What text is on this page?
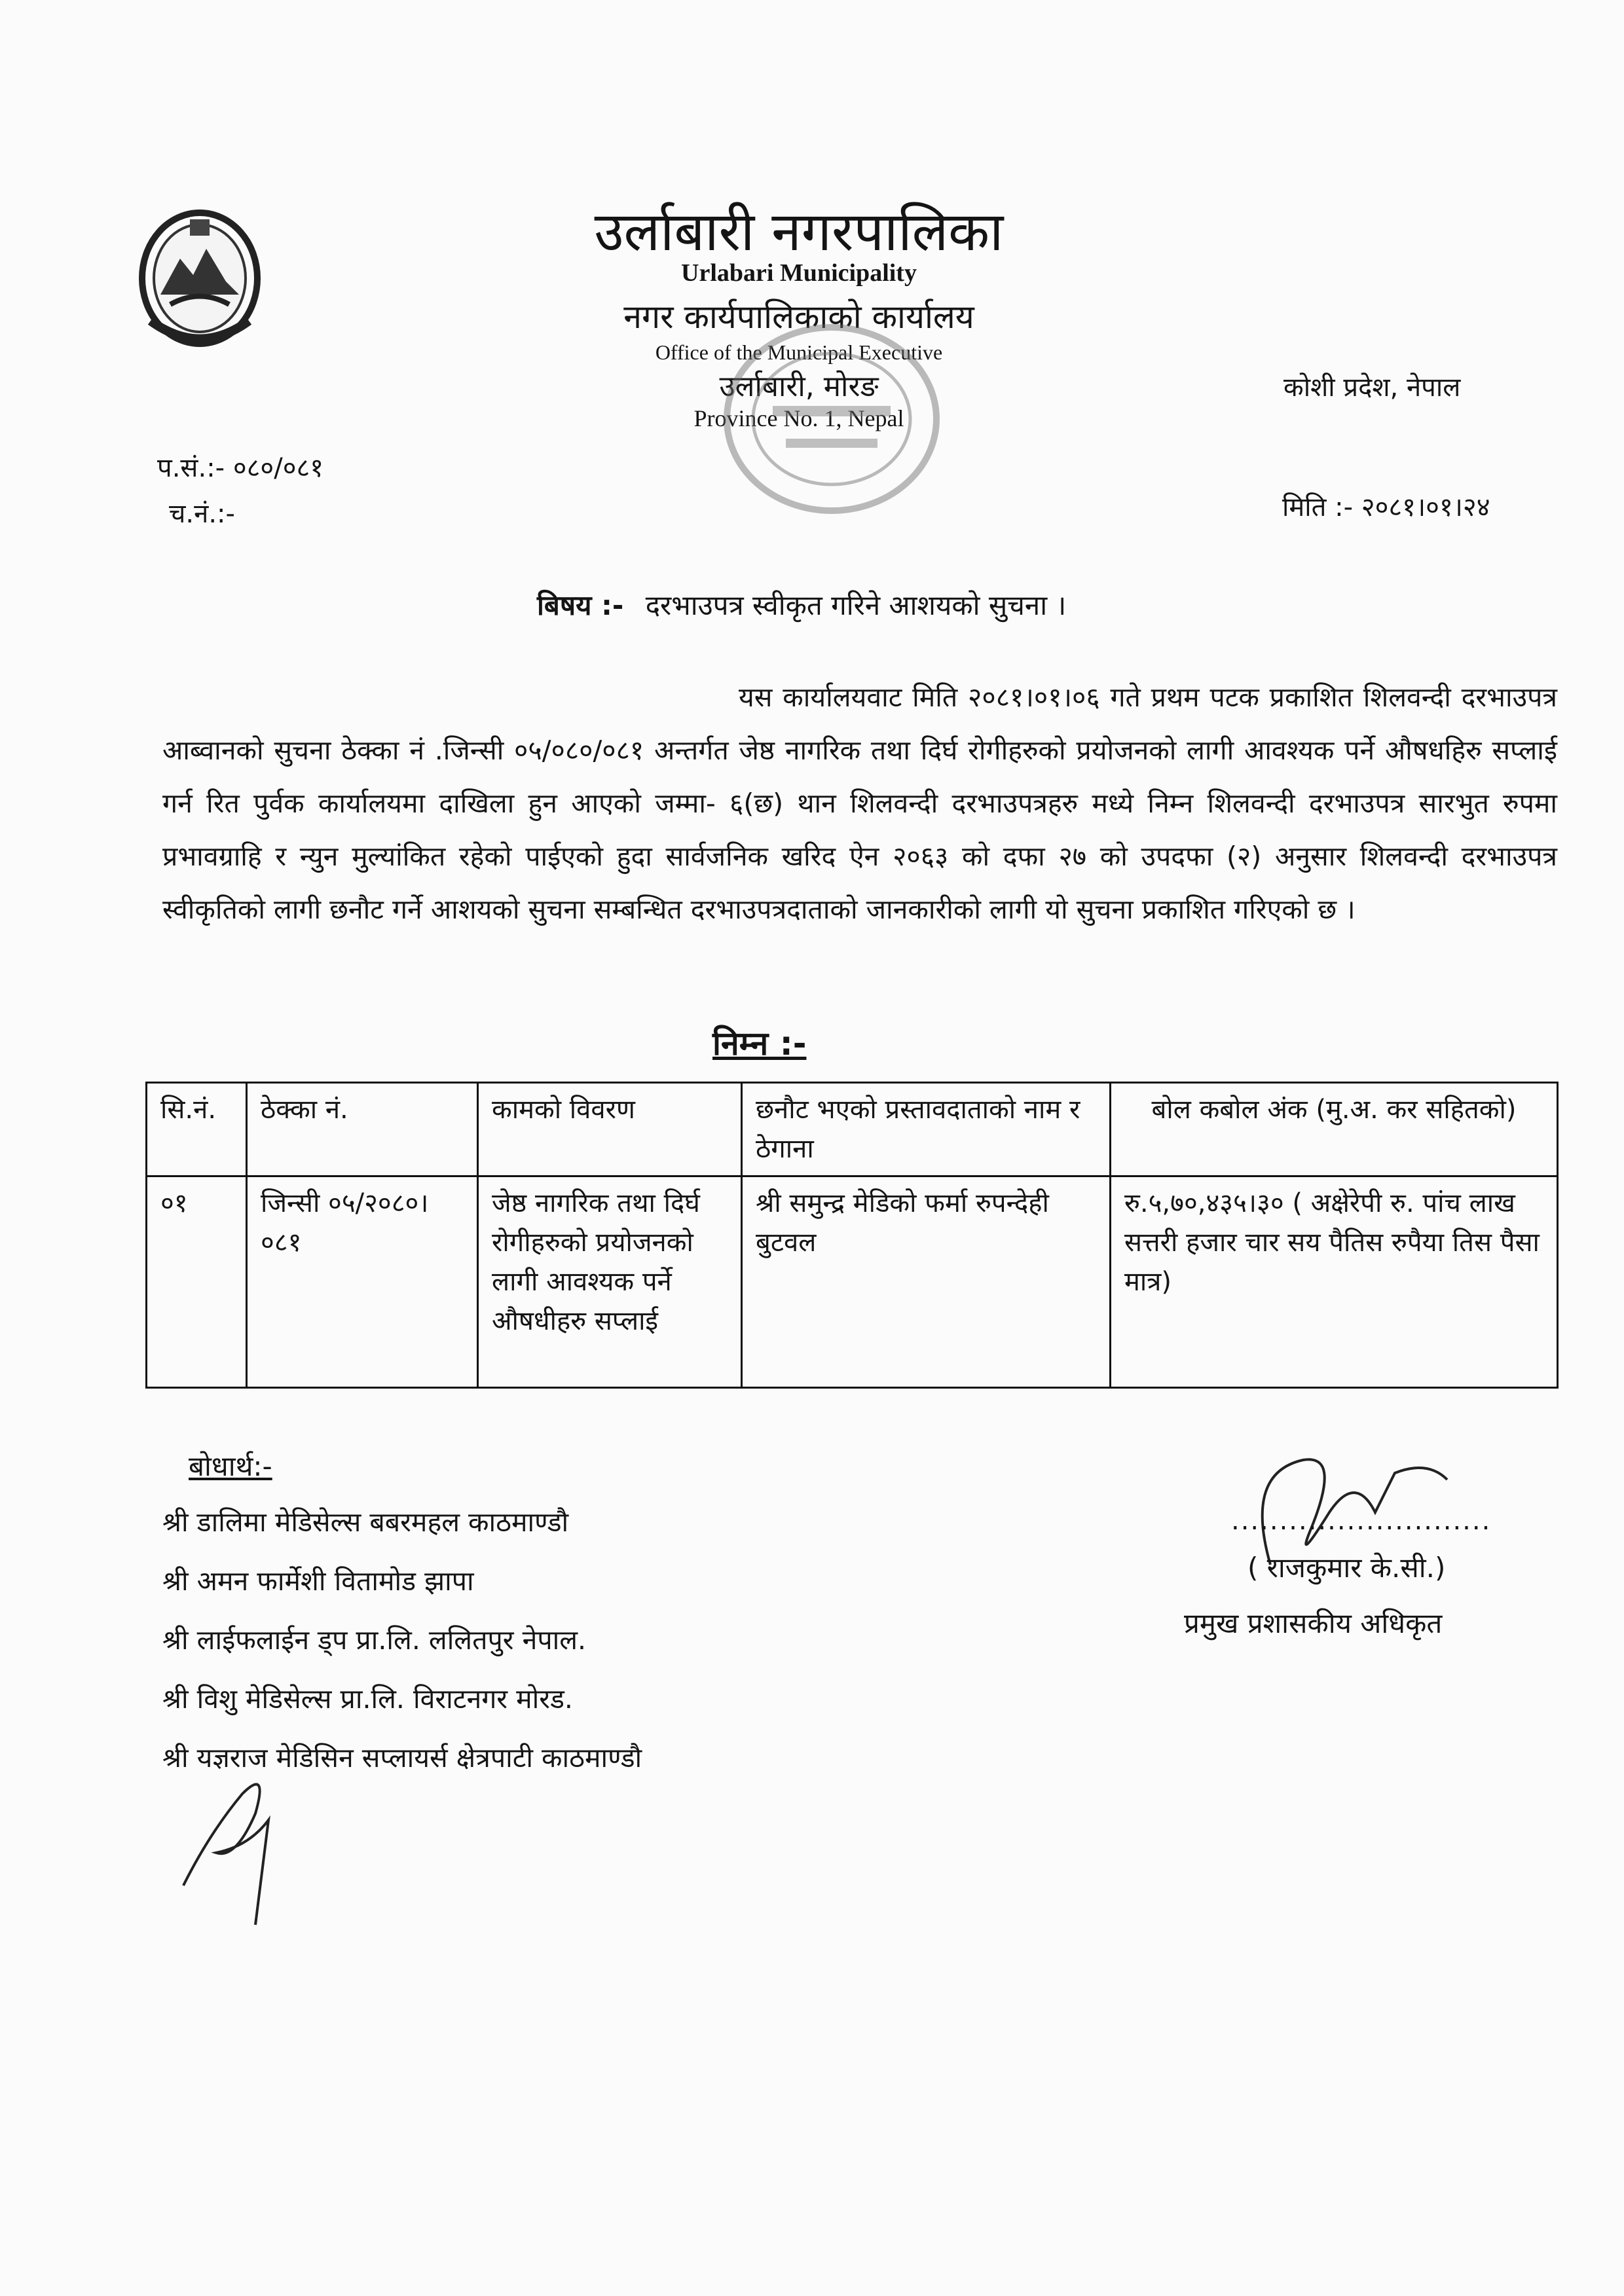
उर्लाबारी नगरपालिका
Urlabari Municipality
नगर कार्यपालिकाको कार्यालय
Office of the Municipal Executive
उर्लाबारी, मोरङ
Province No. 1, Nepal
कोशी प्रदेश, नेपाल
प.सं.:- ०८०/०८१
च.नं.:-	मिति :- २०८१।०१।२४
बिषय :- दरभाउपत्र स्वीकृत गरिने आशयको सुचना ।
यस कार्यालयवाट मिति २०८१।०१।०६ गते प्रथम पटक प्रकाशित शिलवन्दी दरभाउपत्र आब्वानको सुचना ठेक्का नं .जिन्सी ०५/०८०/०८१ अन्तर्गत जेष्ठ नागरिक तथा दिर्घ रोगीहरुको प्रयोजनको लागी आवश्यक पर्ने औषधहिरु सप्लाई गर्न रित पुर्वक कार्यालयमा दाखिला हुन आएको जम्मा- ६(छ) थान शिलवन्दी दरभाउपत्रहरु मध्ये निम्न शिलवन्दी दरभाउपत्र सारभुत रुपमा प्रभावग्राहि र न्युन मुल्यांकित रहेको पाईएको हुदा सार्वजनिक खरिद ऐन २०६३ को दफा २७ को उपदफा (२) अनुसार शिलवन्दी दरभाउपत्र स्वीकृतिको लागी छनौट गर्ने आशयको सुचना सम्बन्धित दरभाउपत्रदाताको जानकारीको लागी यो सुचना प्रकाशित गरिएको छ ।
निम्न :-
सि.नं.	ठेक्का नं.	कामको विवरण	छनौट भएको प्रस्तावदाताको नाम र ठेगाना	बोल कबोल अंक (मु.अ. कर सहितको)
०१	जिन्सी ०५/२०८०।०८१	जेष्ठ नागरिक तथा दिर्घ रोगीहरुको प्रयोजनको लागी आवश्यक पर्ने औषधीहरु सप्लाई	श्री समुन्द्र मेडिको फर्मा रुपन्देही बुटवल	रु.५,७०,४३५।३० ( अक्षेरेपी रु. पांच लाख सत्तरी हजार चार सय पैतिस रुपैया तिस पैसा मात्र)
बोधार्थ:-
श्री डालिमा मेडिसेल्स बबरमहल काठमाण्डौ
श्री अमन फार्मेशी वितामोड झापा
श्री लाईफलाईन ड्प प्रा.लि. ललितपुर नेपाल.
श्री विशु मेडिसेल्स प्रा.लि. विराटनगर मोरड.
श्री यज्ञराज मेडिसिन सप्लायर्स क्षेत्रपाटी काठमाण्डौ
...........................
( राजकुमार के.सी.)
प्रमुख प्रशासकीय अधिकृत
